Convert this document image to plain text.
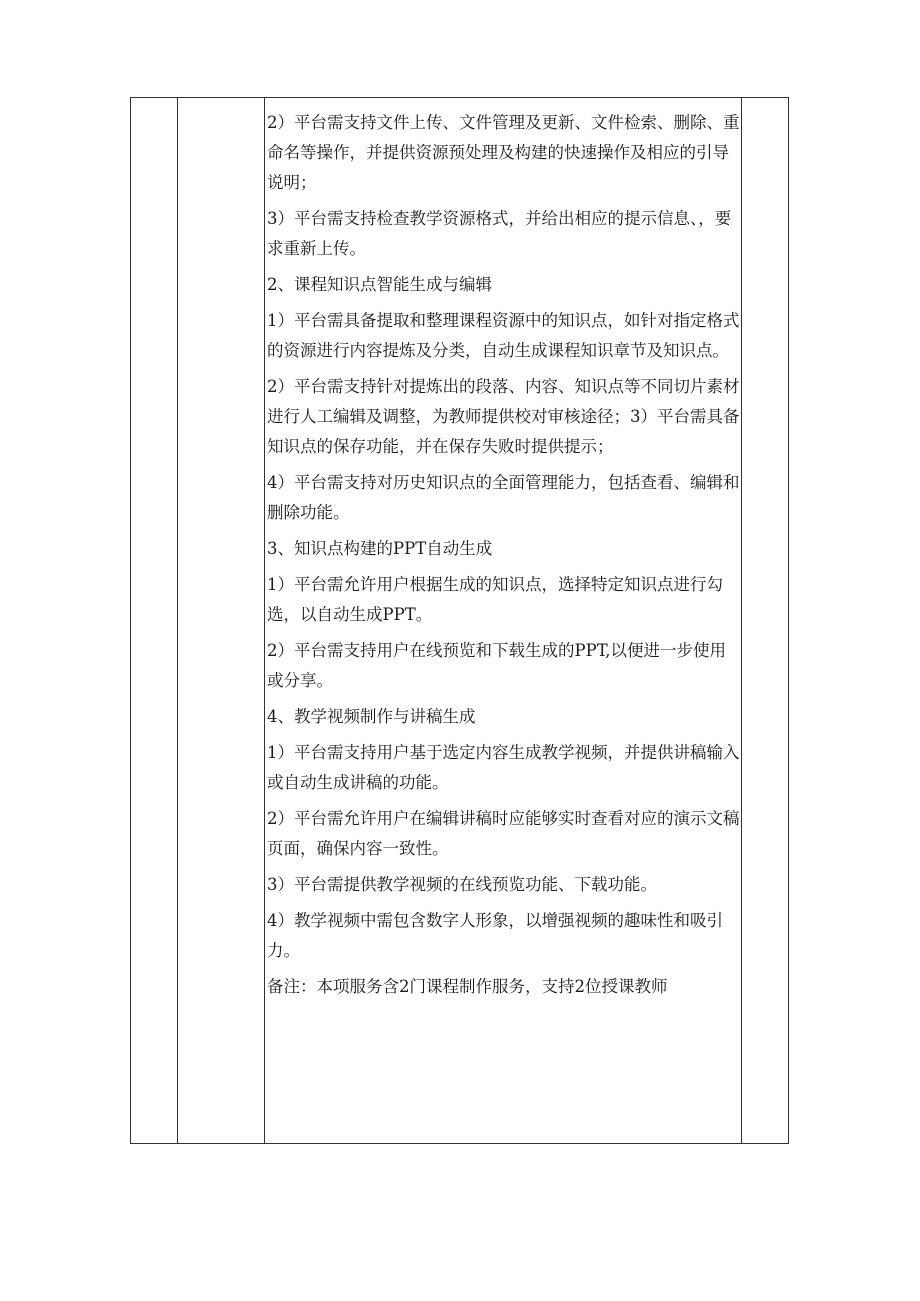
2）平台需支持文件上传、文件管理及更新、文件检索、删除、重命名等操作，并提供资源预处理及构建的快速操作及相应的引导说明；

3）平台需支持检查教学资源格式，并给出相应的提示信息、，要求重新上传。

2、课程知识点智能生成与编辑

1）平台需具备提取和整理课程资源中的知识点，如针对指定格式的资源进行内容提炼及分类，自动生成课程知识章节及知识点。

2）平台需支持针对提炼出的段落、内容、知识点等不同切片素材进行人工编辑及调整，为教师提供校对审核途径；3）平台需具备知识点的保存功能，并在保存失败时提供提示；

4）平台需支持对历史知识点的全面管理能力，包括查看、编辑和删除功能。

3、知识点构建的PPT自动生成

1）平台需允许用户根据生成的知识点，选择特定知识点进行勾选，以自动生成PPT。

2）平台需支持用户在线预览和下载生成的PPT,以便进一步使用或分享。

4、教学视频制作与讲稿生成

1）平台需支持用户基于选定内容生成教学视频，并提供讲稿输入或自动生成讲稿的功能。

2）平台需允许用户在编辑讲稿时应能够实时查看对应的演示文稿页面，确保内容一致性。

3）平台需提供教学视频的在线预览功能、下载功能。

4）教学视频中需包含数字人形象，以增强视频的趣味性和吸引力。

备注：本项服务含2门课程制作服务，支持2位授课教师
